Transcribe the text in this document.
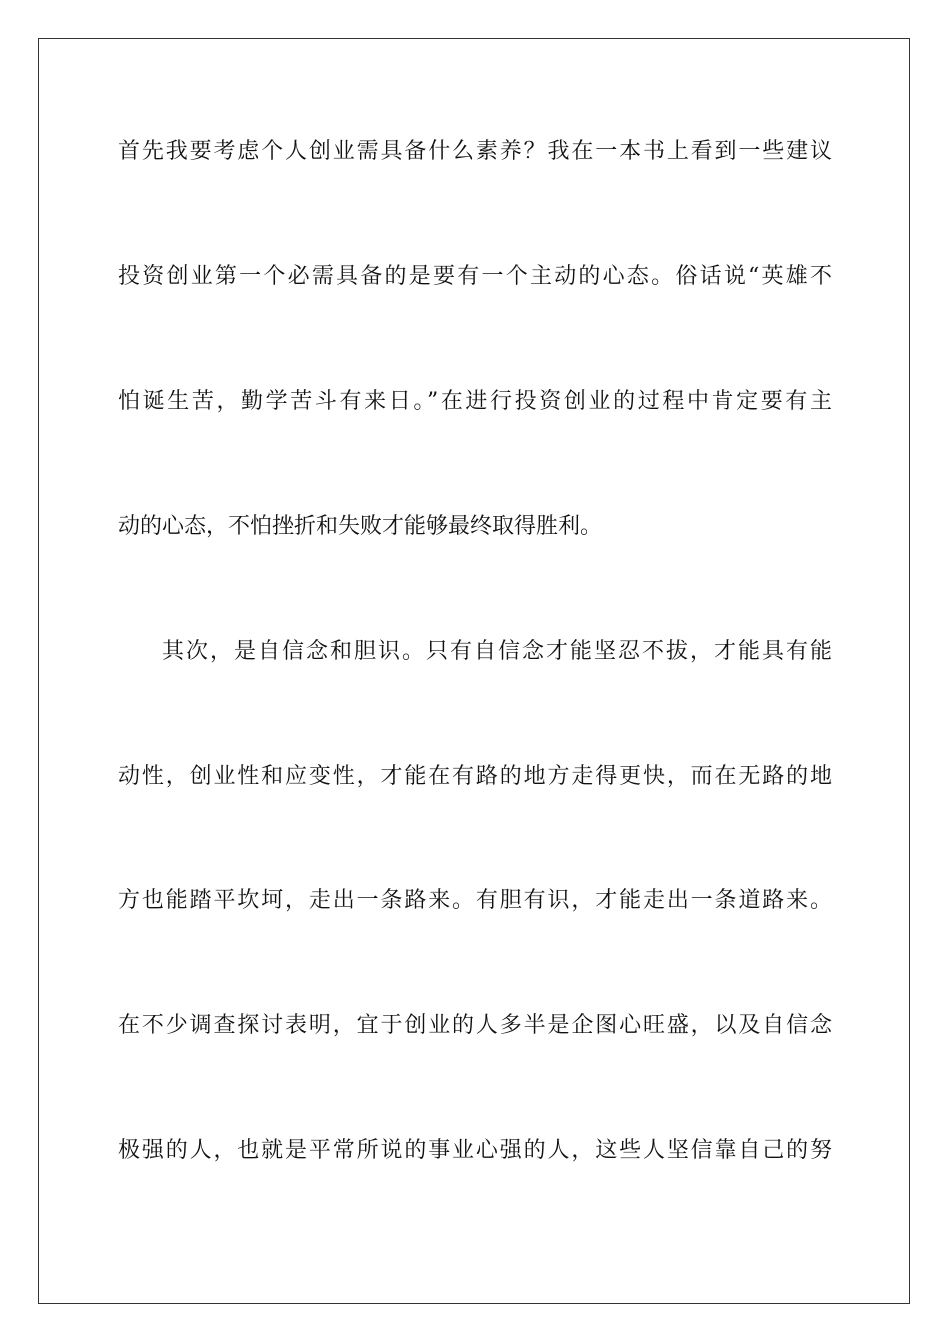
首先我要考虑个人创业需具备什么素养？我在一本书上看到一些建议

投资创业第一个必需具备的是要有一个主动的心态。俗话说“英雄不

怕诞生苦，勤学苦斗有来日。”在进行投资创业的过程中肯定要有主

动的心态，不怕挫折和失败才能够最终取得胜利。

其次，是自信念和胆识。只有自信念才能坚忍不拔，才能具有能

动性，创业性和应变性，才能在有路的地方走得更快，而在无路的地

方也能踏平坎坷，走出一条路来。有胆有识，才能走出一条道路来。

在不少调查探讨表明，宜于创业的人多半是企图心旺盛，以及自信念

极强的人，也就是平常所说的事业心强的人，这些人坚信靠自己的努
